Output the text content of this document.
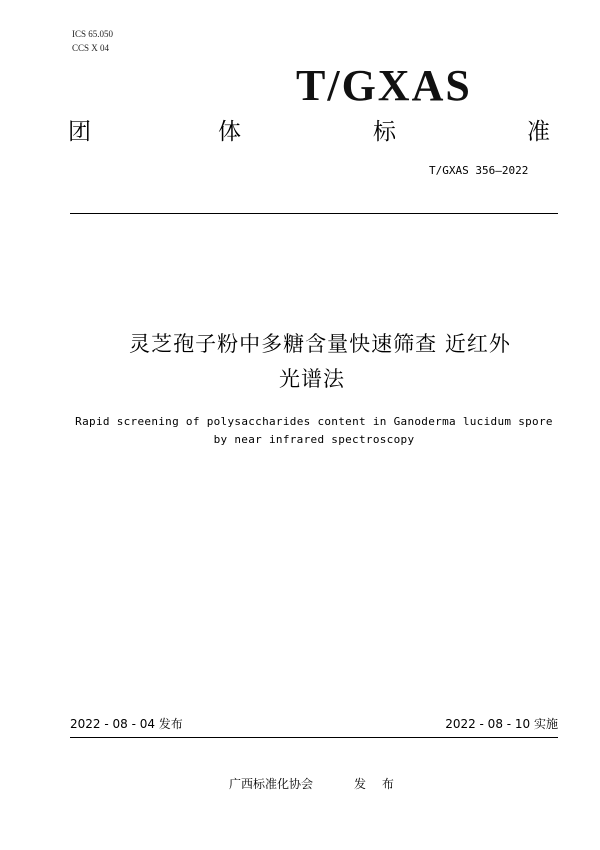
ICS 65.050
CCS X 04
T/GXAS
团	体	标	准
T/GXAS 356—2022
灵芝孢子粉中多糖含量快速筛查 近红外
光谱法
Rapid screening of polysaccharides content in Ganoderma lucidum spore
by near infrared spectroscopy
2022 - 08 - 04 发布	2022 - 08 - 10 实施
广西标准化协会	发 布
